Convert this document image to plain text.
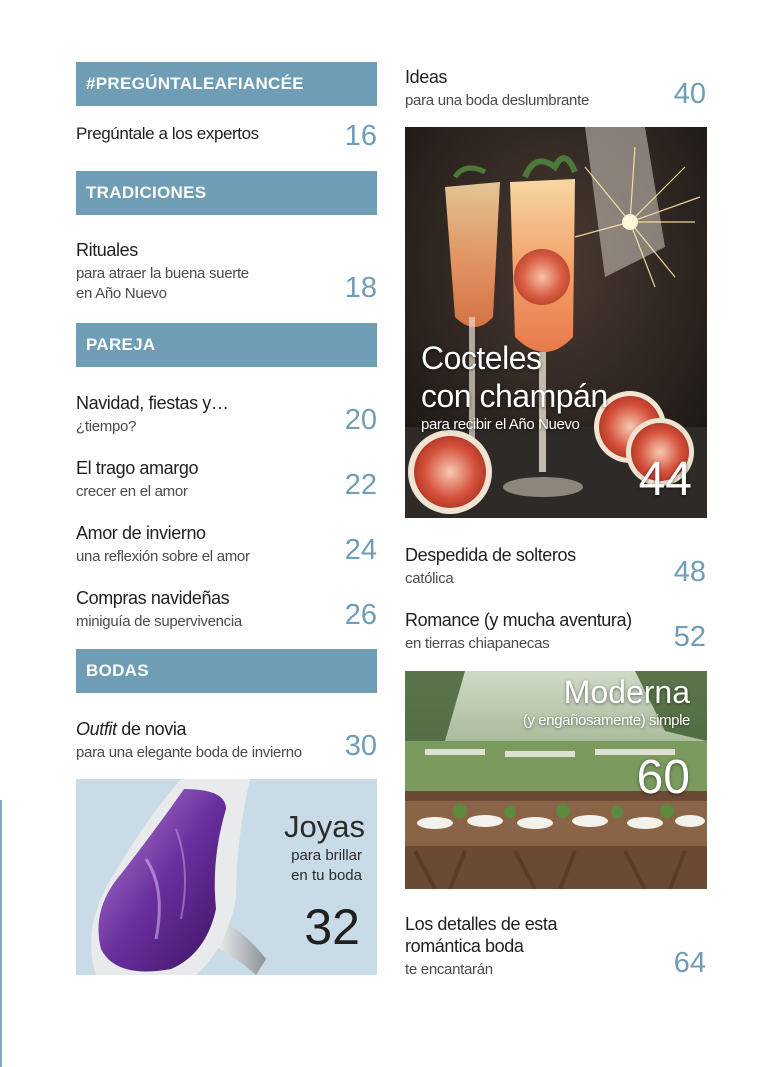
#PREGÚNTALEAFIANCÉE
Pregúntale a los expertos	16
TRADICIONES
Rituales
para atraer la buena suerte
en Año Nuevo	18
PAREJA
Navidad, fiestas y…
¿tiempo?	20
El trago amargo
crecer en el amor	22
Amor de invierno
una reflexión sobre el amor	24
Compras navideñas
miniguía de supervivencia	26
BODAS
Outfit de novia
para una elegante boda de invierno	30
Joyas
para brillar
en tu boda
32
Ideas
para una boda deslumbrante	40
Cocteles
con champán
para recibir el Año Nuevo
44
Despedida de solteros
católica	48
Romance (y mucha aventura)
en tierras chiapanecas	52
Moderna
(y engañosamente) simple
60
Los detalles de esta
romántica boda
te encantarán	64
